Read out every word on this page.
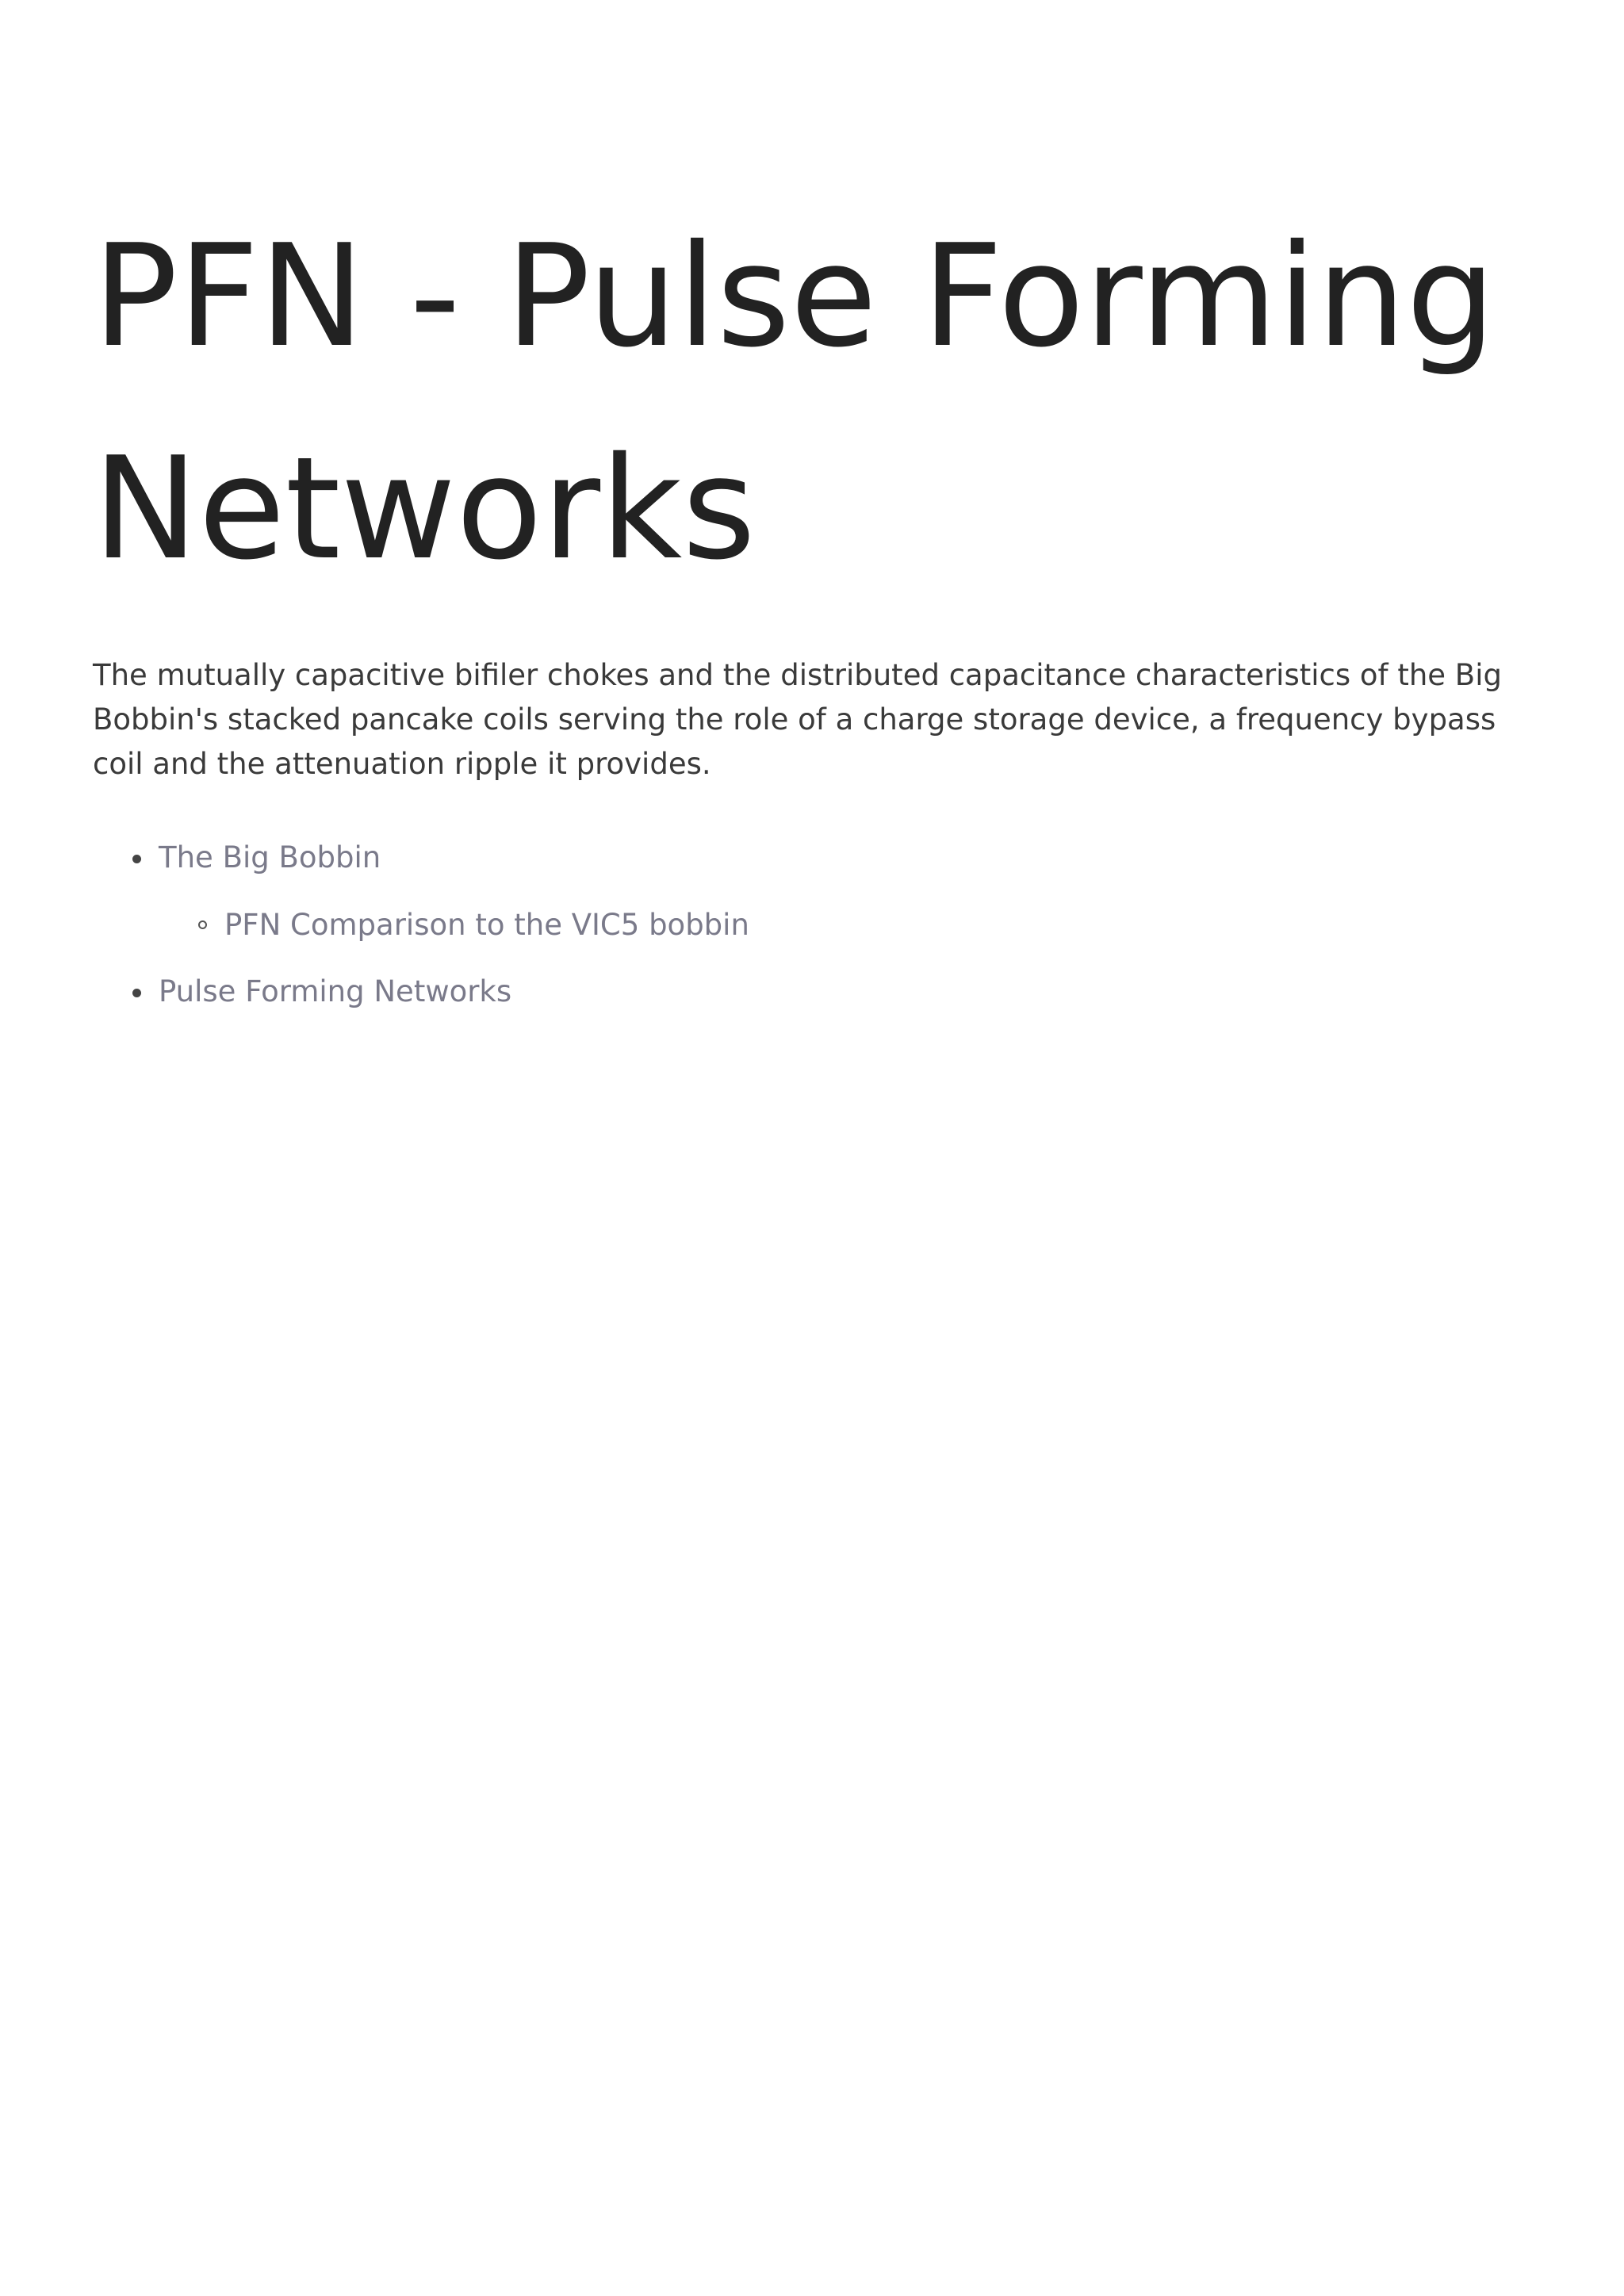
PFN - Pulse Forming Networks

The mutually capacitive bifiler chokes and the distributed capacitance characteristics of the Big Bobbin's stacked pancake coils serving the role of a charge storage device, a frequency bypass coil and the attenuation ripple it provides.

The Big Bobbin
PFN Comparison to the VIC5 bobbin
Pulse Forming Networks
